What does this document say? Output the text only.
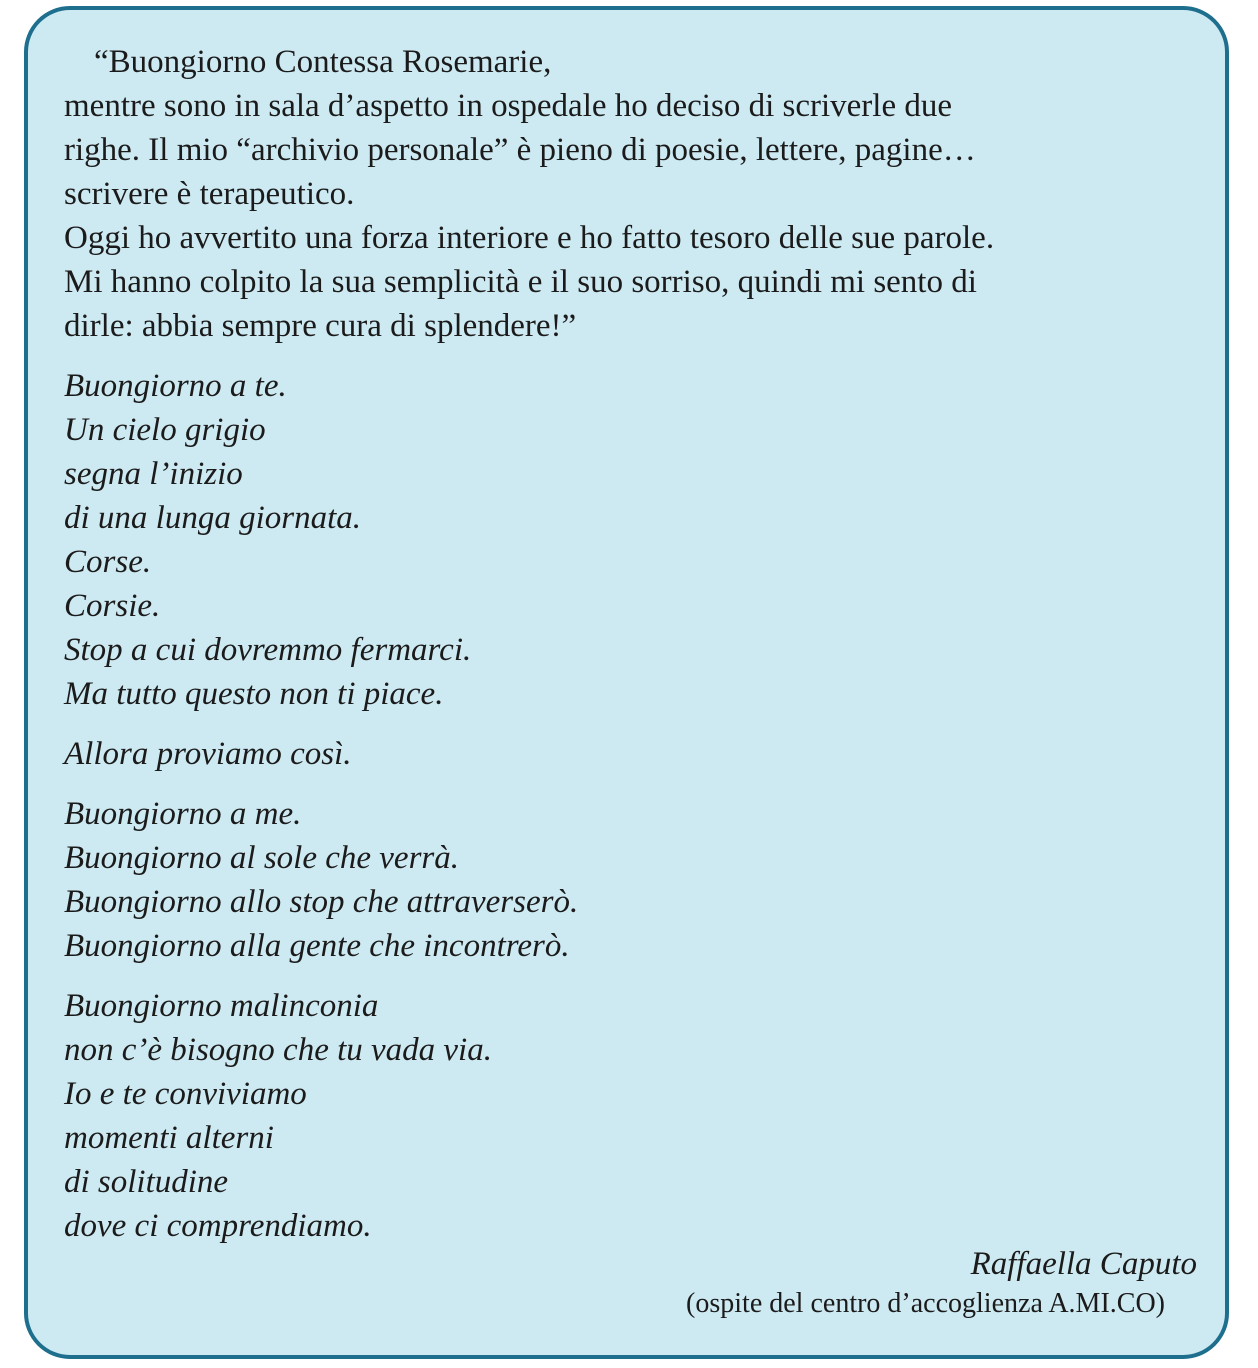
“Buongiorno Contessa Rosemarie,

mentre sono in sala d’aspetto in ospedale ho deciso di scriverle due

righe. Il mio “archivio personale” è pieno di poesie, lettere, pagine…

scrivere è terapeutico.

Oggi ho avvertito una forza interiore e ho fatto tesoro delle sue parole.

Mi hanno colpito la sua semplicità e il suo sorriso, quindi mi sento di

dirle: abbia sempre cura di splendere!”

Buongiorno a te.
Un cielo grigio
segna l’inizio
di una lunga giornata.
Corse.
Corsie.
Stop a cui dovremmo fermarci.
Ma tutto questo non ti piace.
Allora proviamo così.
Buongiorno a me.
Buongiorno al sole che verrà.
Buongiorno allo stop che attraverserò.
Buongiorno alla gente che incontrerò.
Buongiorno malinconia
non c’è bisogno che tu vada via.
Io e te conviviamo
momenti alterni
di solitudine
dove ci comprendiamo.
Raffaella Caputo
(ospite del centro d’accoglienza A.MI.CO)
